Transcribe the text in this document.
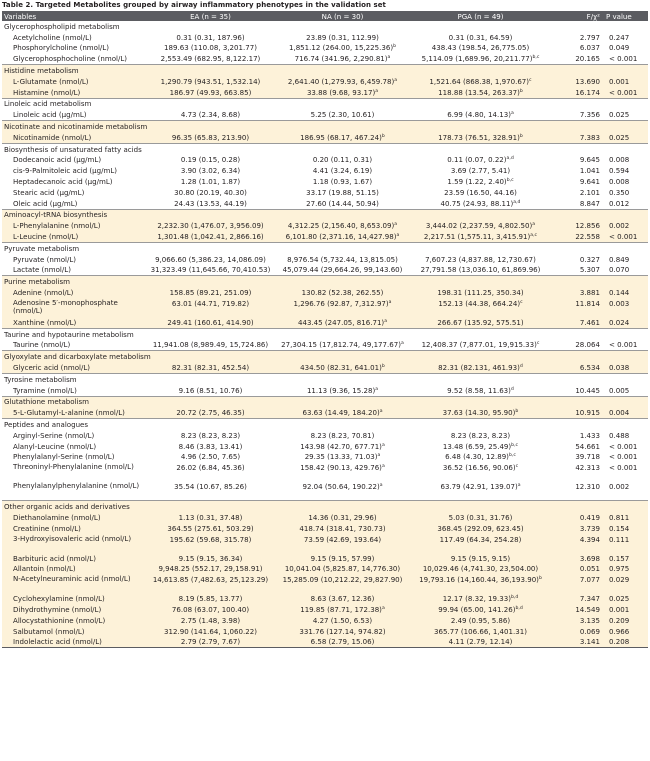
Table 2. Targeted Metabolites grouped by airway inflammatory phenotypes in the validation set
Variables	EA (n = 35)	NA (n = 30)	PGA (n = 49)	F/χ²	P value
Glycerophospholipid metabolism					
Acetylcholine (nmol/L)	0.31 (0.31, 187.96)	23.89 (0.31, 112.99)	0.31 (0.31, 64.59)	2.797	0.247
Phosphorylcholine (nmol/L)	189.63 (110.08, 3,201.77)	1,851.12 (264.00, 15,225.36)$^b$	438.43 (198.54, 26,775.05)	6.037	0.049
Glycerophosphocholine (nmol/L)	2,553.49 (682.95, 8,122.17)	716.74 (341.96, 2,290.81)$^a$	5,114.09 (1,689.96, 20,211.77)$^{b,c}$	20.165	< 0.001
Histidine metabolism					
L-Glutamate (nmol/L)	1,290.79 (943.51, 1,532.14)	2,641.40 (1,279.93, 6,459.78)$^a$	1,521.64 (868.38, 1,970.67)$^c$	13.690	0.001
Histamine (nmol/L)	186.97 (49.93, 663.85)	33.88 (9.68, 93.17)$^a$	118.88 (13.54, 263.37)$^b$	16.174	< 0.001
Linoleic acid metabolism					
Linoleic acid (μg/mL)	4.73 (2.34, 8.68)	5.25 (2.30, 10.61)	6.99 (4.80, 14.13)$^a$	7.356	0.025
Nicotinate and nicotinamide metabolism					
Nicotinamide (nmol/L)	96.35 (65.83, 213.90)	186.95 (68.17, 467.24)$^b$	178.73 (76.51, 328.91)$^b$	7.383	0.025
Biosynthesis of unsaturated fatty acids					
Dodecanoic acid (μg/mL)	0.19 (0.15, 0.28)	0.20 (0.11, 0.31)	0.11 (0.07, 0.22)$^{a,d}$	9.645	0.008
cis-9-Palmitoleic acid (μg/mL)	3.90 (3.02, 6.34)	4.41 (3.24, 6.19)	3.69 (2.77, 5.41)	1.041	0.594
Heptadecanoic acid (μg/mL)	1.28 (1.01, 1.87)	1.18 (0.93, 1.67)	1.59 (1.22, 2.40)$^{b,c}$	9.641	0.008
Stearic acid (μg/mL)	30.80 (20.19, 40.30)	33.17 (19.88, 51.15)	23.59 (16.50, 44.16)	2.101	0.350
Oleic acid (μg/mL)	24.43 (13.53, 44.19)	27.60 (14.44, 50.94)	40.75 (24.93, 88.11)$^{a,d}$	8.847	0.012
Aminoacyl-tRNA biosynthesis					
L-Phenylalanine (nmol/L)	2,232.30 (1,476.07, 3,956.09)	4,312.25 (2,156.40, 8,653.09)$^a$	3,444.02 (2,237.59, 4,802.50)$^a$	12.856	0.002
L-Leucine (nmol/L)	1,301.48 (1,042.41, 2,866.16)	6,101.80 (2,371.16, 14,427.98)$^a$	2,217.51 (1,575.11, 3,415.91)$^{a,c}$	22.558	< 0.001
Pyruvate metabolism					
Pyruvate (nmol/L)	9,066.60 (5,386.23, 14,086.09)	8,976.54 (5,732.44, 13,815.05)	7,607.23 (4,837.88, 12,730.67)	0.327	0.849
Lactate (nmol/L)	31,323.49 (11,645.66, 70,410.53)	45,079.44 (29,664.26, 99,143.60)	27,791.58 (13,036.10, 61,869.96)	5.307	0.070
Purine metabolism					
Adenine (nmol/L)	158.85 (89.21, 251.09)	130.82 (52.38, 262.55)	198.31 (111.25, 350.34)	3.881	0.144
Adenosine 5′-monophosphate (nmol/L)	63.01 (44.71, 719.82)	1,296.76 (92.87, 7,312.97)$^a$	152.13 (44.38, 664.24)$^c$	11.814	0.003
Xanthine (nmol/L)	249.41 (160.61, 414.90)	443.45 (247.05, 816.71)$^a$	266.67 (135.92, 575.51)	7.461	0.024
Taurine and hypotaurine metabolism					
Taurine (nmol/L)	11,941.08 (8,989.49, 15,724.86)	27,304.15 (17,812.74, 49,177.67)$^a$	12,408.37 (7,877.01, 19,915.33)$^c$	28.064	< 0.001
Glyoxylate and dicarboxylate metabolism					
Glyceric acid (nmol/L)	82.31 (82.31, 452.54)	434.50 (82.31, 641.01)$^b$	82.31 (82.131, 461.93)$^d$	6.534	0.038
Tyrosine metabolism					
Tyramine (nmol/L)	9.16 (8.51, 10.76)	11.13 (9.36, 15.28)$^a$	9.52 (8.58, 11.63)$^d$	10.445	0.005
Glutathione metabolism					
5-L-Glutamyl-L-alanine (nmol/L)	20.72 (2.75, 46.35)	63.63 (14.49, 184.20)$^a$	37.63 (14.30, 95.90)$^b$	10.915	0.004
Peptides and analogues					
Arginyl-Serine (nmol/L)	8.23 (8.23, 8.23)	8.23 (8.23, 70.81)	8.23 (8.23, 8.23)	1.433	0.488
Alanyl-Leucine (nmol/L)	8.46 (3.83, 13.41)	143.98 (42.70, 677.71)$^a$	13.48 (6.59, 25.49)$^{b,c}$	54.661	< 0.001
Phenylalanyl-Serine (nmol/L)	4.96 (2.50, 7.65)	29.35 (13.33, 71.03)$^a$	6.48 (4.30, 12.89)$^{b,c}$	39.718	< 0.001
Threoninyl-Phenylalanine (nmol/L)	26.02 (6.84, 45.36)	158.42 (90.13, 429.76)$^a$	36.52 (16.56, 90.06)$^c$	42.313	< 0.001
Phenylalanylphenylalanine (nmol/L)	35.54 (10.67, 85.26)	92.04 (50.64, 190.22)$^a$	63.79 (42.91, 139.07)$^a$	12.310	0.002
Other organic acids and derivatives					
Diethanolamine (nmol/L)	1.13 (0.31, 37.48)	14.36 (0.31, 29.96)	5.03 (0.31, 31.76)	0.419	0.811
Creatinine (nmol/L)	364.55 (275.61, 503.29)	418.74 (318.41, 730.73)	368.45 (292.09, 623.45)	3.739	0.154
3-Hydroxyisovaleric acid (nmol/L)	195.62 (59.68, 315.78)	73.59 (42.69, 193.64)	117.49 (64.34, 254.28)	4.394	0.111
Barbituric acid (nmol/L)	9.15 (9.15, 36.34)	9.15 (9.15, 57.99)	9.15 (9.15, 9.15)	3.698	0.157
Allantoin (nmol/L)	9,948.25 (552.17, 29,158.91)	10,041.04 (5,825.87, 14,776.30)	10,029.46 (4,741.30, 23,504.00)	0.051	0.975
N-Acetylneuraminic acid (nmol/L)	14,613.85 (7,482.63, 25,123.29)	15,285.09 (10,212.22, 29,827.90)	19,793.16 (14,160.44, 36,193.90)$^b$	7.077	0.029
Cyclohexylamine (nmol/L)	8.19 (5.85, 13.77)	8.63 (3.67, 12.36)	12.17 (8.32, 19.33)$^{b,d}$	7.347	0.025
Dihydrothymine (nmol/L)	76.08 (63.07, 100.40)	119.85 (87.71, 172.38)$^a$	99.94 (65.00, 141.26)$^{b,d}$	14.549	0.001
Allocystathionine (nmol/L)	2.75 (1.48, 3.98)	4.27 (1.50, 6.53)	2.49 (0.95, 5.86)	3.135	0.209
Salbutamol (nmol/L)	312.90 (141.64, 1,060.22)	331.76 (127.14, 974.82)	365.77 (106.66, 1,401.31)	0.069	0.966
Indolelactic acid (nmol/L)	2.79 (2.79, 7.67)	6.58 (2.79, 15.06)	4.11 (2.79, 12.14)	3.141	0.208
